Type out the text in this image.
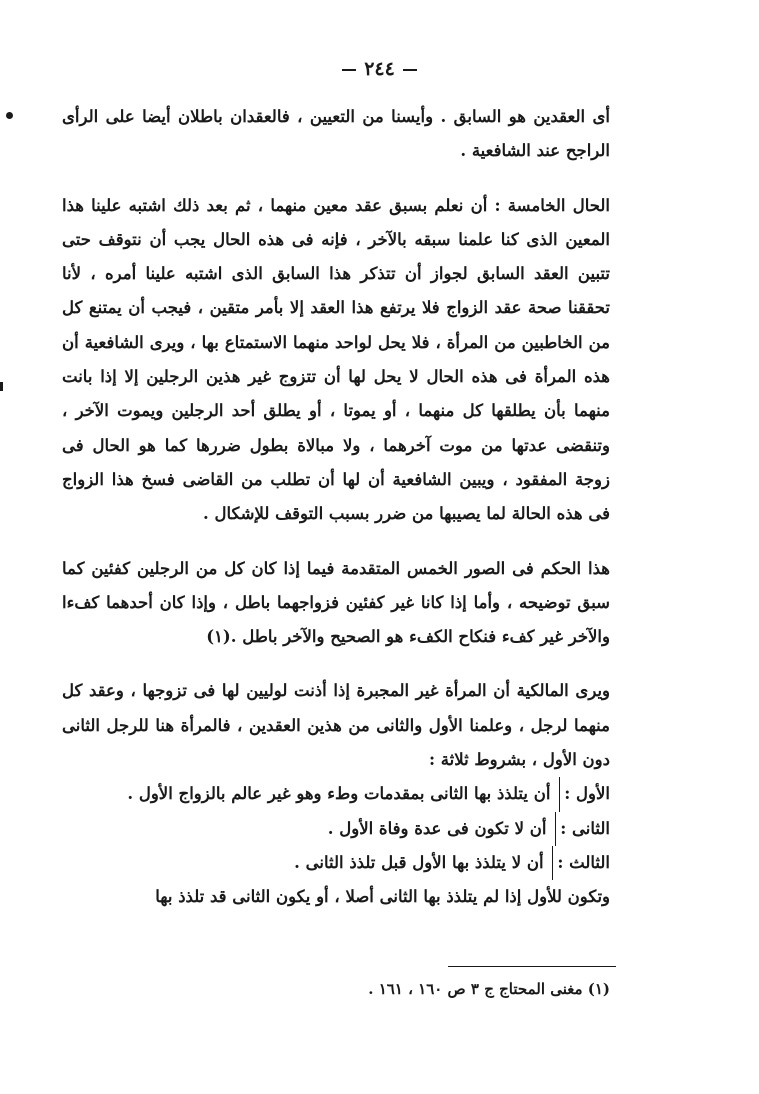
٢٤٤

أى العقدين هو السابق . وأيسنا من التعيين ، فالعقدان باطلان أيضا على الرأى الراجح عند الشافعية .

الحال الخامسة : أن نعلم بسبق عقد معين منهما ، ثم بعد ذلك اشتبه علينا هذا المعين الذى كنا علمنا سبقه بالآخر ، فإنه فى هذه الحال يجب أن نتوقف حتى تتبين العقد السابق لجواز أن تتذكر هذا السابق الذى اشتبه علينا أمره ، لأنا تحققنا صحة عقد الزواج فلا يرتفع هذا العقد إلا بأمر متقين ، فيجب أن يمتنع كل من الخاطبين من المرأة ، فلا يحل لواحد منهما الاستمتاع بها ، ويرى الشافعية أن هذه المرأة فى هذه الحال لا يحل لها أن تتزوج غير هذين الرجلين إلا إذا بانت منهما بأن يطلقها كل منهما ، أو يموتا ، أو يطلق أحد الرجلين ويموت الآخر ، وتنقضى عدتها من موت آخرهما ، ولا مبالاة بطول ضررها كما هو الحال فى زوجة المفقود ، ويبين الشافعية أن لها أن تطلب من القاضى فسخ هذا الزواج فى هذه الحالة لما يصيبها من ضرر بسبب التوقف للإشكال .

هذا الحكم فى الصور الخمس المتقدمة فيما إذا كان كل من الرجلين كفئين كما سبق توضيحه ، وأما إذا كانا غير كفئين فزواجهما باطل ، وإذا كان أحدهما كفءا والآخر غير كفء فنكاح الكفء هو الصحيح والآخر باطل .(١)

ويرى المالكية أن المرأة غير المجبرة إذا أذنت لوليين لها فى تزوجها ، وعقد كل منهما لرجل ، وعلمنا الأول والثانى من هذين العقدين ، فالمرأة هنا للرجل الثانى دون الأول ، بشروط ثلاثة :

الأول : أن يتلذذ بها الثانى بمقدمات وطء وهو غير عالم بالزواج الأول .

الثانى : أن لا تكون فى عدة وفاة الأول .

الثالث : أن لا يتلذذ بها الأول قبل تلذذ الثانى .

وتكون للأول إذا لم يتلذذ بها الثانى أصلا ، أو يكون الثانى قد تلذذ بها

(١) مغنى المحتاج ج ٣ ص ١٦٠ ، ١٦١ .
